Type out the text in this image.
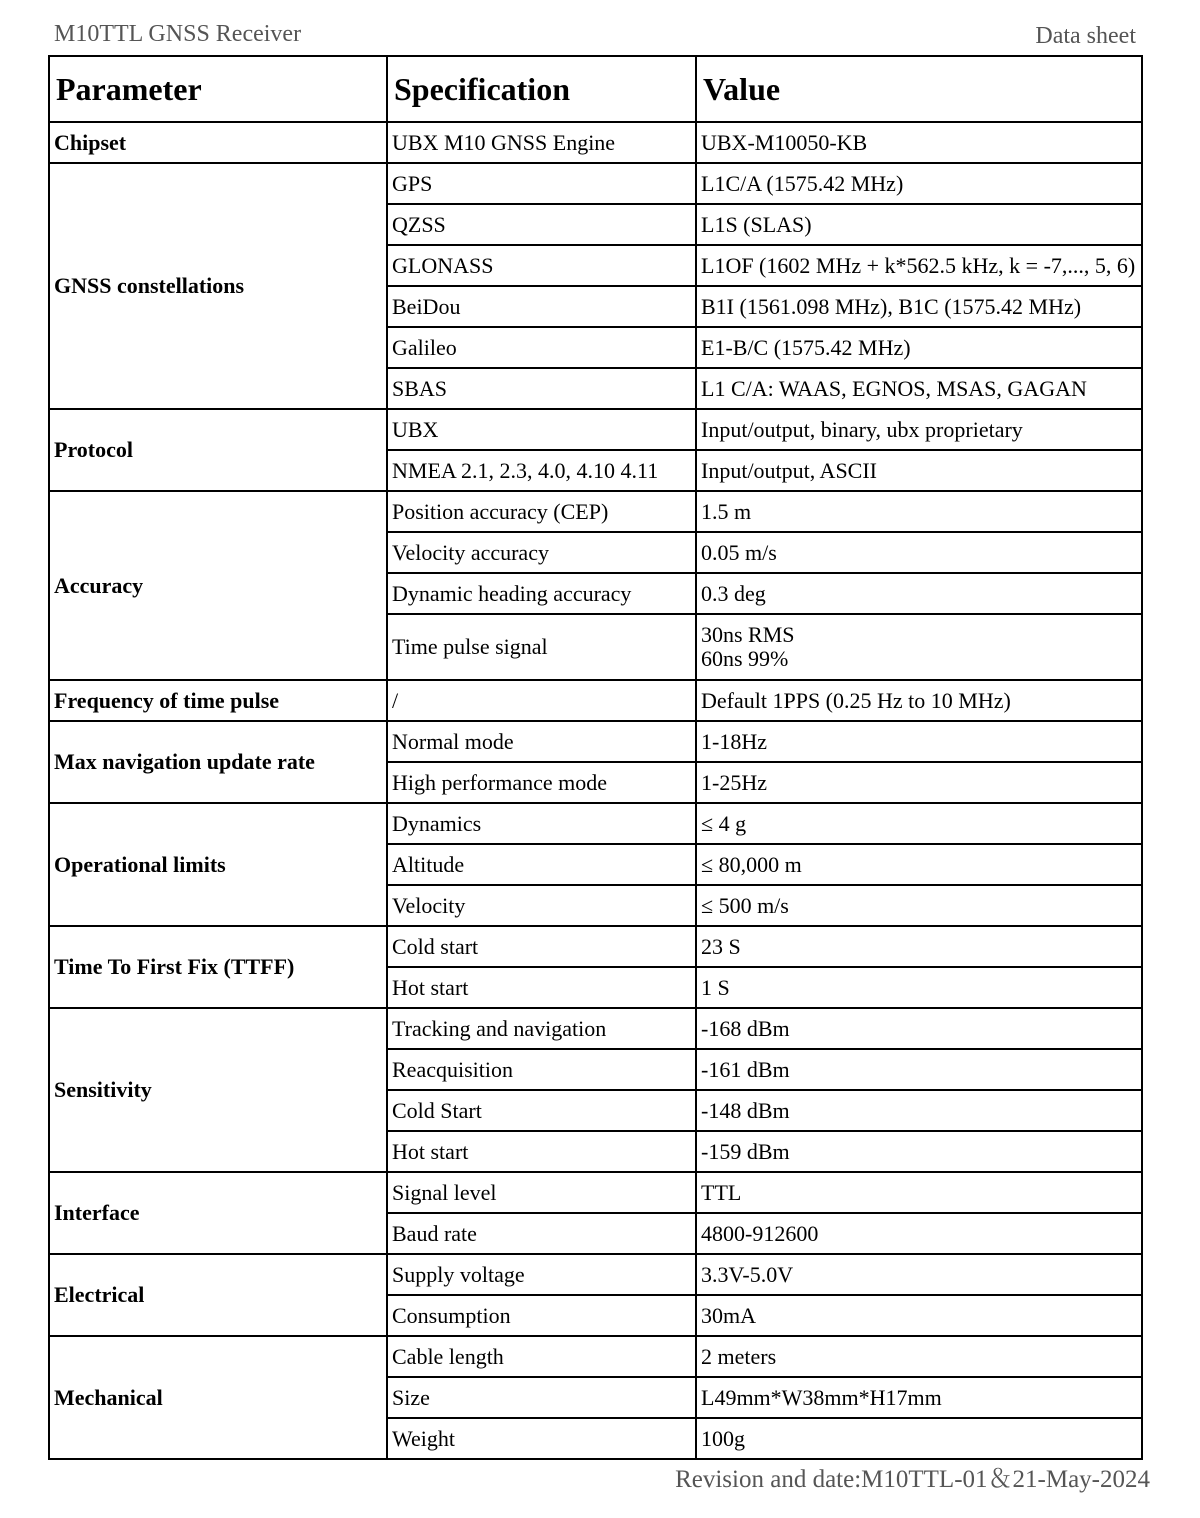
M10TTL GNSS Receiver	Data sheet
Parameter	Specification	Value
Chipset	UBX M10 GNSS Engine	UBX-M10050-KB
GNSS constellations	GPS	L1C/A (1575.42 MHz)
	QZSS	L1S (SLAS)
	GLONASS	L1OF (1602 MHz + k*562.5 kHz, k = -7,..., 5, 6)
	BeiDou	B1I (1561.098 MHz), B1C (1575.42 MHz)
	Galileo	E1-B/C (1575.42 MHz)
	SBAS	L1 C/A: WAAS, EGNOS, MSAS, GAGAN
Protocol	UBX	Input/output, binary, ubx proprietary
	NMEA 2.1, 2.3, 4.0, 4.10 4.11	Input/output, ASCII
Accuracy	Position accuracy (CEP)	1.5 m
	Velocity accuracy	0.05 m/s
	Dynamic heading accuracy	0.3 deg
	Time pulse signal	30ns RMS
60ns 99%

Frequency of time pulse	/	Default 1PPS (0.25 Hz to 10 MHz)
Max navigation update rate	Normal mode	1-18Hz
	High performance mode	1-25Hz
Operational limits	Dynamics	≤ 4 g
	Altitude	≤ 80,000 m
	Velocity	≤ 500 m/s
Time To First Fix (TTFF)	Cold start	23 S
	Hot start	1 S
Sensitivity	Tracking and navigation	-168 dBm
	Reacquisition	-161 dBm
	Cold Start	-148 dBm
	Hot start	-159 dBm
Interface	Signal level	TTL
	Baud rate	4800-912600
Electrical	Supply voltage	3.3V-5.0V
	Consumption	30mA
Mechanical	Cable length	2 meters
	Size	L49mm*W38mm*H17mm
	Weight	100g
Revision and date:M10TTL-01＆21-May-2024
